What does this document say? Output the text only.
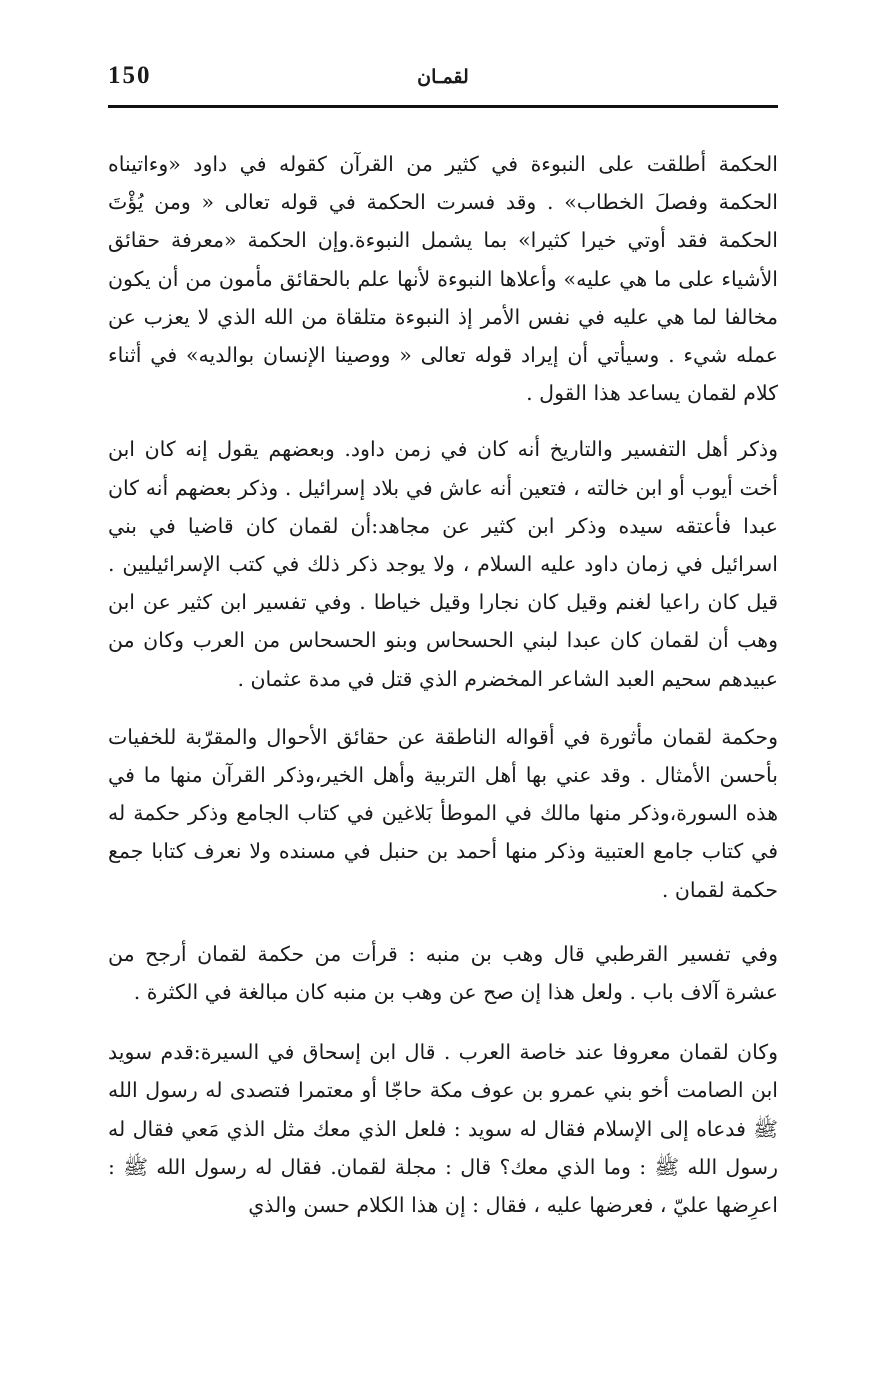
150	لقمـان

الحكمة أطلقت على النبوءة في كثير من القرآن كقوله في داود «وءاتيناه الحكمة وفصلَ الخطاب» . وقد فسرت الحكمة في قوله تعالى « ومن يُؤْتَ الحكمة فقد أوتي خيرا كثيرا» بما يشمل النبوءة.وإن الحكمة «معرفة حقائق الأشياء على ما هي عليه» وأعلاها النبوءة لأنها علم بالحقائق مأمون من أن يكون مخالفا لما هي عليه في نفس الأمر إذ النبوءة متلقاة من الله الذي لا يعزب عن عمله شيء . وسيأتي أن إيراد قوله تعالى « ووصينا الإنسان بوالديه» في أثناء كلام لقمان يساعد هذا القول .

وذكر أهل التفسير والتاريخ أنه كان في زمن داود. وبعضهم يقول إنه كان ابن أخت أيوب أو ابن خالته ، فتعين أنه عاش في بلاد إسرائيل . وذكر بعضهم أنه كان عبدا فأعتقه سيده وذكر ابن كثير عن مجاهد:أن لقمان كان قاضيا في بني اسرائيل في زمان داود عليه السلام ، ولا يوجد ذكر ذلك في كتب الإسرائيليين . قيل كان راعيا لغنم وقيل كان نجارا وقيل خياطا . وفي تفسير ابن كثير عن ابن وهب أن لقمان كان عبدا لبني الحسحاس وبنو الحسحاس من العرب وكان من عبيدهم سحيم العبد الشاعر المخضرم الذي قتل في مدة عثمان .

وحكمة لقمان مأثورة في أقواله الناطقة عن حقائق الأحوال والمقرّبة للخفيات بأحسن الأمثال . وقد عني بها أهل التربية وأهل الخير،وذكر القرآن منها ما في هذه السورة،وذكر منها مالك في الموطأ بَلاغين في كتاب الجامع وذكر حكمة له في كتاب جامع العتبية وذكر منها أحمد بن حنبل في مسنده ولا نعرف كتابا جمع حكمة لقمان .

وفي تفسير القرطبي قال وهب بن منبه : قرأت من حكمة لقمان أرجح من عشرة آلاف باب . ولعل هذا إن صح عن وهب بن منبه كان مبالغة في الكثرة .

وكان لقمان معروفا عند خاصة العرب . قال ابن إسحاق في السيرة:قدم سويد ابن الصامت أخو بني عمرو بن عوف مكة حاجّا أو معتمرا فتصدى له رسول الله ﷺ فدعاه إلى الإسلام فقال له سويد : فلعل الذي معك مثل الذي مَعي فقال له رسول الله ﷺ : وما الذي معك؟ قال : مجلة لقمان. فقال له رسول الله ﷺ : اعرِضها عليّ ، فعرضها عليه ، فقال : إن هذا الكلام حسن والذي
